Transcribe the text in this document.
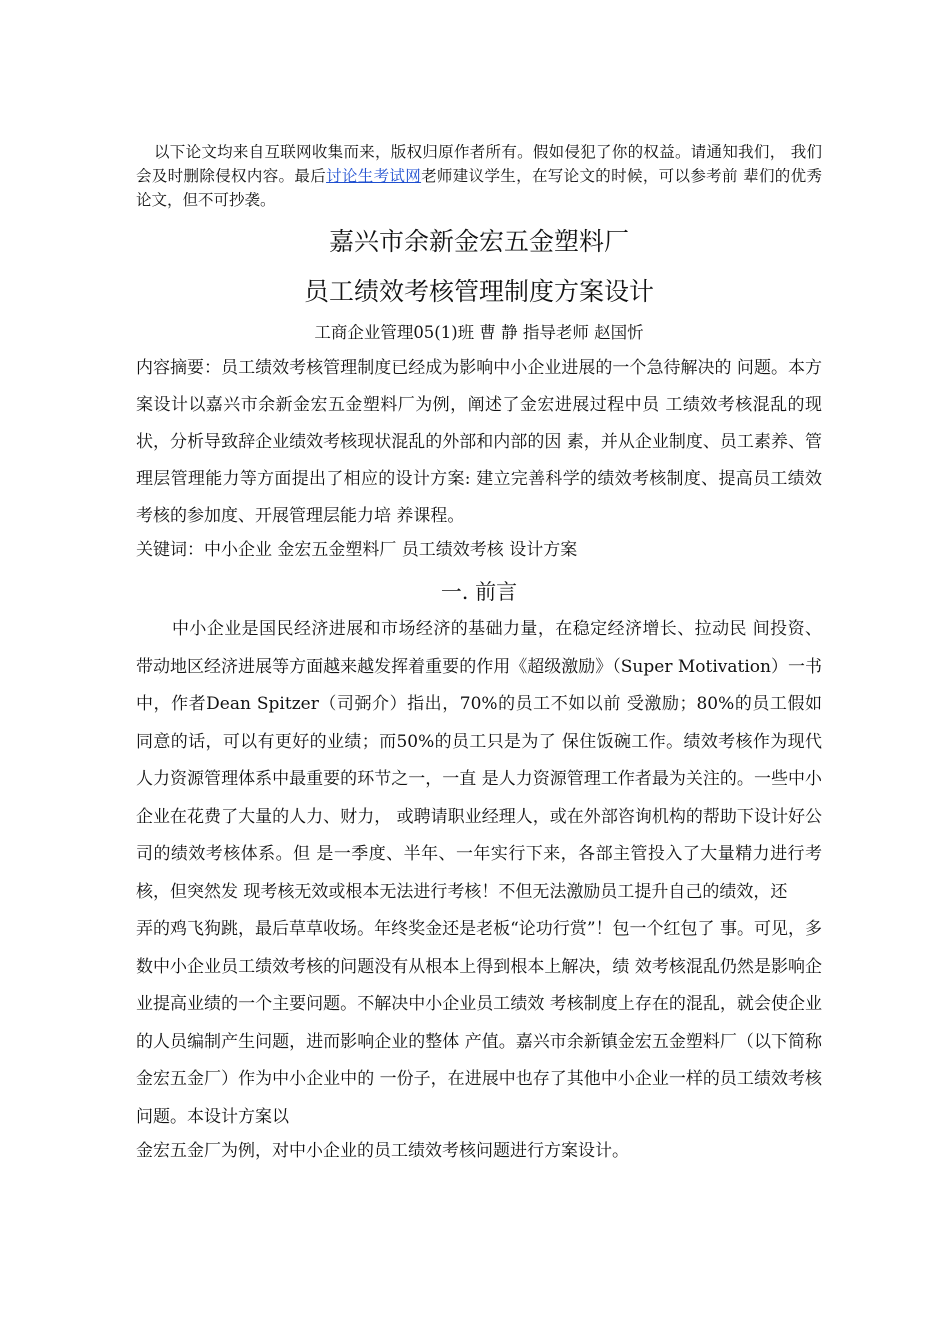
以下论文均来自互联网收集而来，版权归原作者所有。假如侵犯了你的权益。请通知我们， 我们会及时删除侵权内容。最后讨论生考试网老师建议学生，在写论文的时候，可以参考前 辈们的优秀论文，但不可抄袭。

嘉兴市余新金宏五金塑料厂
员工绩效考核管理制度方案设计

工商企业管理05(1)班 曹 静 指导老师 赵国忻

内容摘要：员工绩效考核管理制度已经成为影响中小企业进展的一个急待解决的 问题。本方案设计以嘉兴市余新金宏五金塑料厂为例，阐述了金宏进展过程中员 工绩效考核混乱的现状，分析导致辞企业绩效考核现状混乱的外部和内部的因 素，并从企业制度、员工素养、管理层管理能力等方面提出了相应的设计方案: 建立完善科学的绩效考核制度、提高员工绩效考核的参加度、开展管理层能力培 养课程。

关键词：中小企业 金宏五金塑料厂 员工绩效考核 设计方案

一. 前言

中小企业是国民经济进展和市场经济的基础力量，在稳定经济增长、拉动民 间投资、带动地区经济进展等方面越来越发挥着重要的作用《超级激励》（Super Motivation）一书中，作者Dean Spitzer（司弼介）指出，70%的员工不如以前 受激励；80%的员工假如同意的话，可以有更好的业绩；而50%的员工只是为了 保住饭碗工作。绩效考核作为现代人力资源管理体系中最重要的环节之一，一直 是人力资源管理工作者最为关注的。一些中小企业在花费了大量的人力、财力， 或聘请职业经理人，或在外部咨询机构的帮助下设计好公司的绩效考核体系。但 是一季度、半年、一年实行下来，各部主管投入了大量精力进行考核，但突然发 现考核无效或根本无法进行考核！不但无法激励员工提升自己的绩效，还

弄的鸡飞狗跳，最后草草收场。年终奖金还是老板“论功行赏”！包一个红包了 事。可见，多数中小企业员工绩效考核的问题没有从根本上得到根本上解决，绩 效考核混乱仍然是影响企业提高业绩的一个主要问题。不解决中小企业员工绩效 考核制度上存在的混乱，就会使企业的人员编制产生问题，进而影响企业的整体 产值。嘉兴市余新镇金宏五金塑料厂（以下简称金宏五金厂）作为中小企业中的 一份子，在进展中也存了其他中小企业一样的员工绩效考核问题。本设计方案以

金宏五金厂为例，对中小企业的员工绩效考核问题进行方案设计。
